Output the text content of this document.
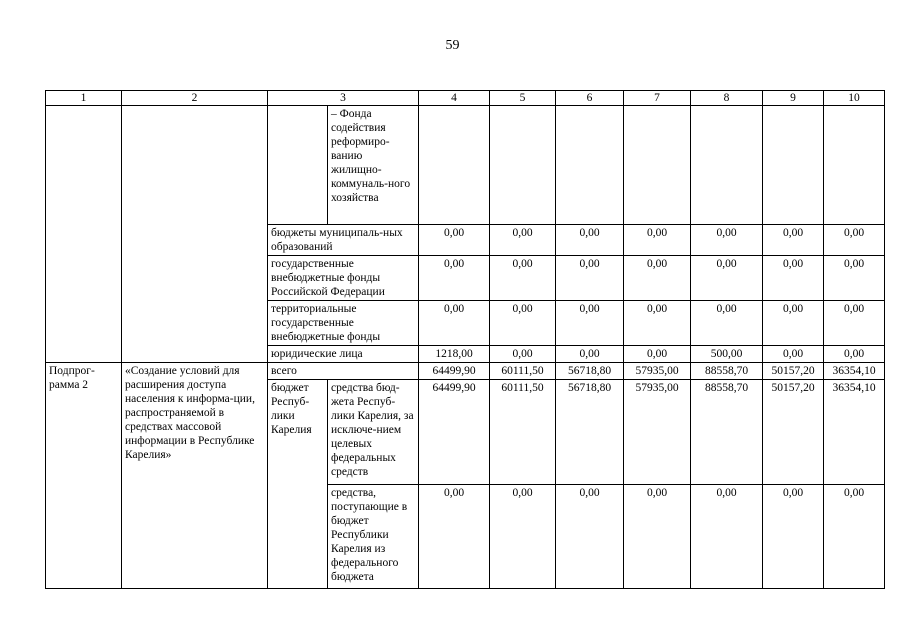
59
1	2	3		4	5	6	7	8	9	10
			– Фонда содействия реформиро-ванию жилищно-коммуналь-ного хозяйства							
		бюджеты муниципаль-ных образований		0,00	0,00	0,00	0,00	0,00	0,00	0,00
		государственные внебюджетные фонды Российской Федерации		0,00	0,00	0,00	0,00	0,00	0,00	0,00
		территориальные государственные внебюджетные фонды		0,00	0,00	0,00	0,00	0,00	0,00	0,00
		юридические лица		1218,00	0,00	0,00	0,00	500,00	0,00	0,00
Подпрог-рамма 2	«Создание условий для расширения доступа населения к информа-ции, распространяемой в средствах массовой информации в Республике Карелия»	всего		64499,90	60111,50	56718,80	57935,00	88558,70	50157,20	36354,10
		бюджет Респуб-лики Карелия	средства бюд-жета Респуб-лики Карелия, за исключе-нием целевых федеральных средств	64499,90	60111,50	56718,80	57935,00	88558,70	50157,20	36354,10
			средства, поступающие в бюджет Республики Карелия из федерального бюджета	0,00	0,00	0,00	0,00	0,00	0,00	0,00
